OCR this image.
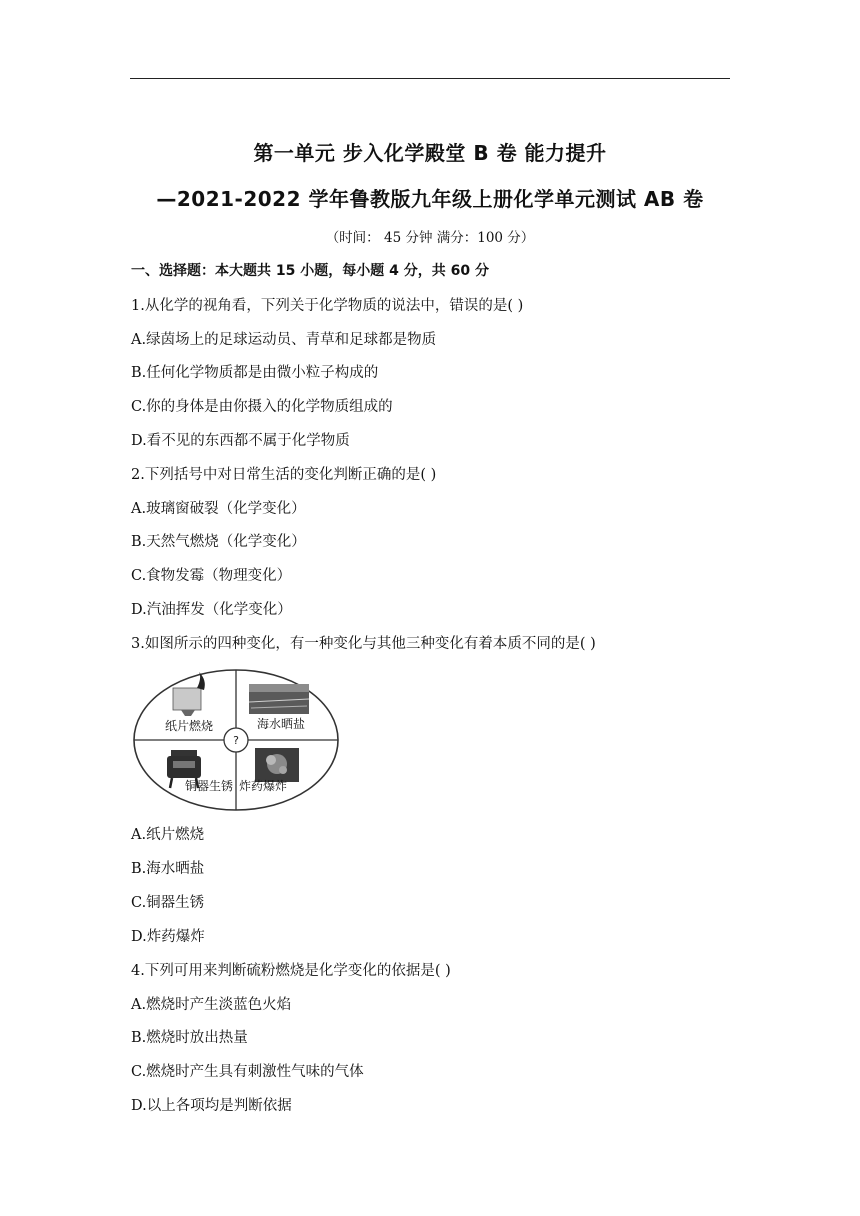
第一单元 步入化学殿堂 B 卷 能力提升
—2021-2022 学年鲁教版九年级上册化学单元测试 AB 卷
（时间： 45 分钟 满分：100 分）
一、选择题：本大题共 15 小题，每小题 4 分，共 60 分
1.从化学的视角看，下列关于化学物质的说法中，错误的是( )
A.绿茵场上的足球运动员、青草和足球都是物质
B.任何化学物质都是由微小粒子构成的
C.你的身体是由你摄入的化学物质组成的
D.看不见的东西都不属于化学物质
2.下列括号中对日常生活的变化判断正确的是( )
A.玻璃窗破裂（化学变化）
B.天然气燃烧（化学变化）
C.食物发霉（物理变化）
D.汽油挥发（化学变化）
3.如图所示的四种变化，有一种变化与其他三种变化有着本质不同的是( )
?
纸片燃烧	海水晒盐
铜器生锈 炸药爆炸
A.纸片燃烧
B.海水晒盐
C.铜器生锈
D.炸药爆炸
4.下列可用来判断硫粉燃烧是化学变化的依据是( )
A.燃烧时产生淡蓝色火焰
B.燃烧时放出热量
C.燃烧时产生具有刺激性气味的气体
D.以上各项均是判断依据
